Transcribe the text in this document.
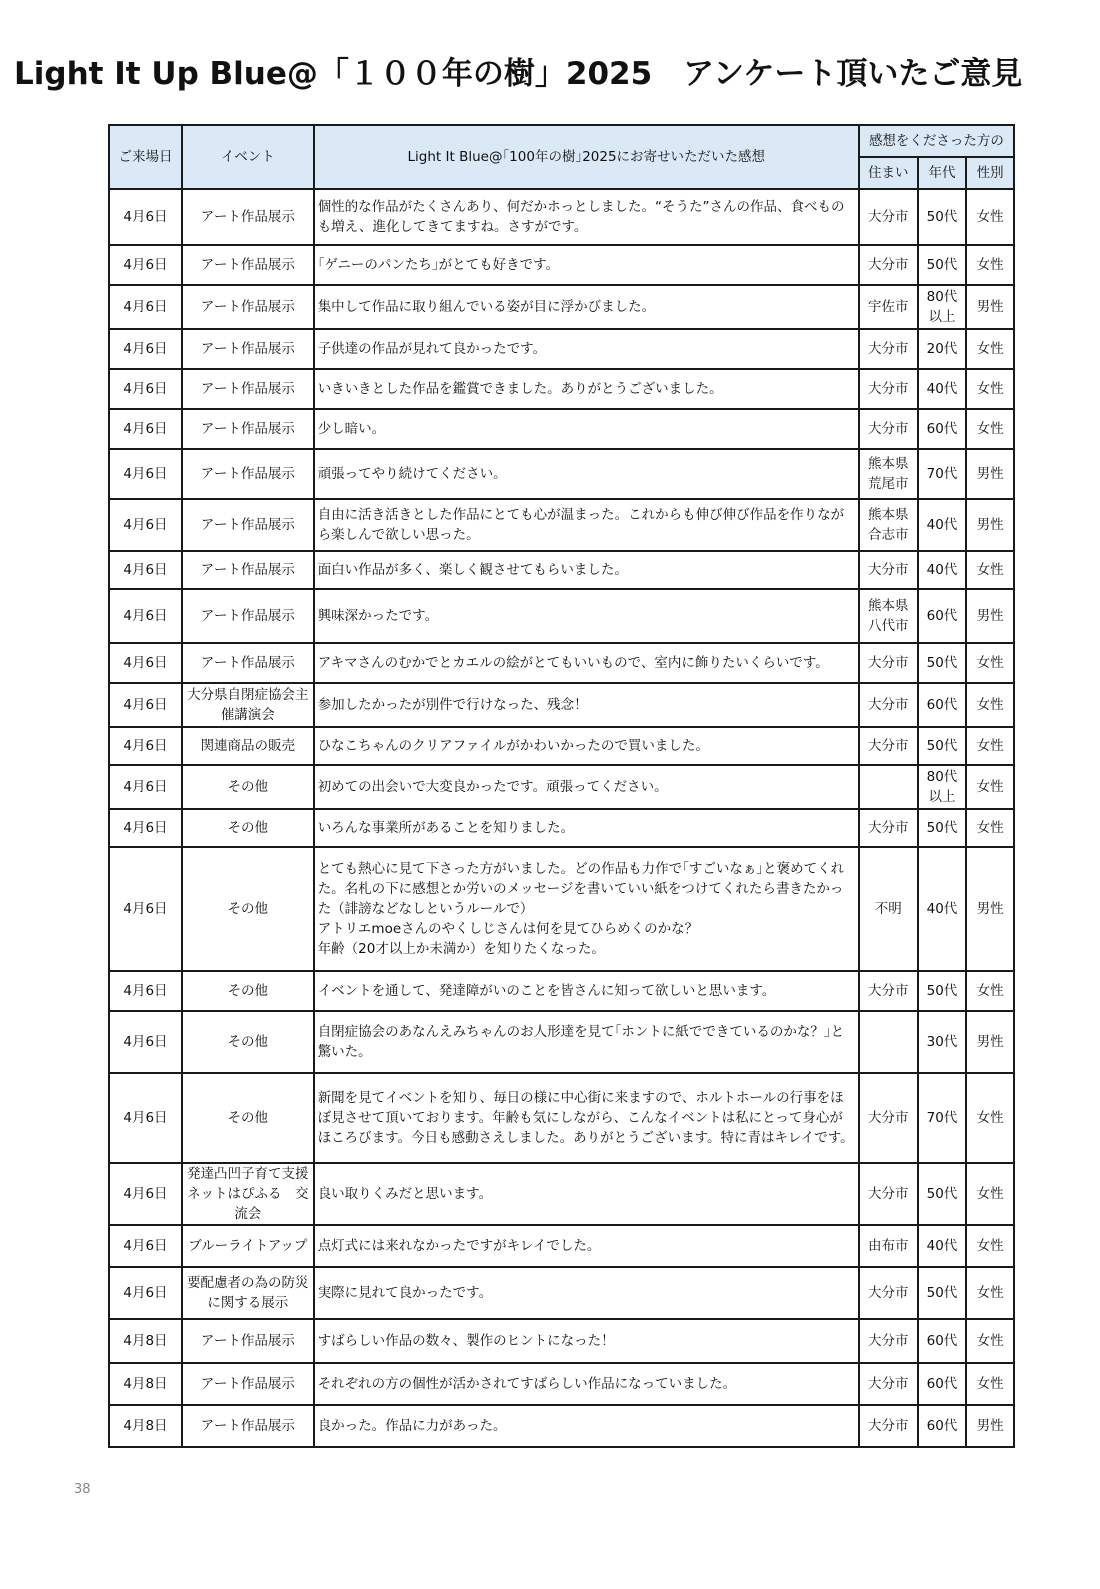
Light It Up Blue@「１００年の樹」2025　アンケート頂いたご意見
ご来場日	イベント	Light It Blue@｢100年の樹｣2025にお寄せいただいた感想	感想をくださった方の		
			住まい	年代	性別
4月6日	アート作品展示	個性的な作品がたくさんあり、何だかホっとしました。“そうた”さんの作品、食べものも増え、進化してきてますね。さすがです。	大分市	50代	女性
4月6日	アート作品展示	｢ゲニーのパンたち｣がとても好きです。	大分市	50代	女性
4月6日	アート作品展示	集中して作品に取り組んでいる姿が目に浮かびました。	宇佐市	80代以上	男性
4月6日	アート作品展示	子供達の作品が見れて良かったです。	大分市	20代	女性
4月6日	アート作品展示	いきいきとした作品を鑑賞できました。ありがとうございました。	大分市	40代	女性
4月6日	アート作品展示	少し暗い。	大分市	60代	女性
4月6日	アート作品展示	頑張ってやり続けてください。	熊本県荒尾市	70代	男性
4月6日	アート作品展示	自由に活き活きとした作品にとても心が温まった。これからも伸び伸び作品を作りながら楽しんで欲しい思った。	熊本県合志市	40代	男性
4月6日	アート作品展示	面白い作品が多く、楽しく観させてもらいました。	大分市	40代	女性
4月6日	アート作品展示	興味深かったです。	熊本県八代市	60代	男性
4月6日	アート作品展示	アキマさんのむかでとカエルの絵がとてもいいもので、室内に飾りたいくらいです。	大分市	50代	女性
4月6日	大分県自閉症協会主催講演会	参加したかったが別件で行けなった、残念！	大分市	60代	女性
4月6日	関連商品の販売	ひなこちゃんのクリアファイルがかわいかったので買いました。	大分市	50代	女性
4月6日	その他	初めての出会いで大変良かったです。頑張ってください。		80代以上	女性
4月6日	その他	いろんな事業所があることを知りました。	大分市	50代	女性
4月6日	その他	とても熱心に見て下さった方がいました。どの作品も力作で｢すごいなぁ｣と褒めてくれた。名札の下に感想とか労いのメッセージを書いていい紙をつけてくれたら書きたかった（誹謗などなしというルールで）
アトリエmoeさんのやくしじさんは何を見てひらめくのかな？
年齢（20才以上か未満か）を知りたくなった。	不明	40代	男性
4月6日	その他	イベントを通して、発達障がいのことを皆さんに知って欲しいと思います。	大分市	50代	女性
4月6日	その他	自閉症協会のあなんえみちゃんのお人形達を見て｢ホントに紙でできているのかな？｣と驚いた。		30代	男性
4月6日	その他	新聞を見てイベントを知り、毎日の様に中心街に来ますので、ホルトホールの行事をほぼ見させて頂いております。年齢も気にしながら、こんなイベントは私にとって身心がほころびます。今日も感動さえしました。ありがとうございます。特に青はキレイです。	大分市	70代	女性
4月6日	発達凸凹子育て支援ネットはぴふる　交流会	良い取りくみだと思います。	大分市	50代	女性
4月6日	ブルーライトアップ	点灯式には来れなかったですがキレイでした。	由布市	40代	女性
4月6日	要配慮者の為の防災に関する展示	実際に見れて良かったです。	大分市	50代	女性
4月8日	アート作品展示	すばらしい作品の数々、製作のヒントになった！	大分市	60代	女性
4月8日	アート作品展示	それぞれの方の個性が活かされてすばらしい作品になっていました。	大分市	60代	女性
4月8日	アート作品展示	良かった。作品に力があった。	大分市	60代	男性
38
